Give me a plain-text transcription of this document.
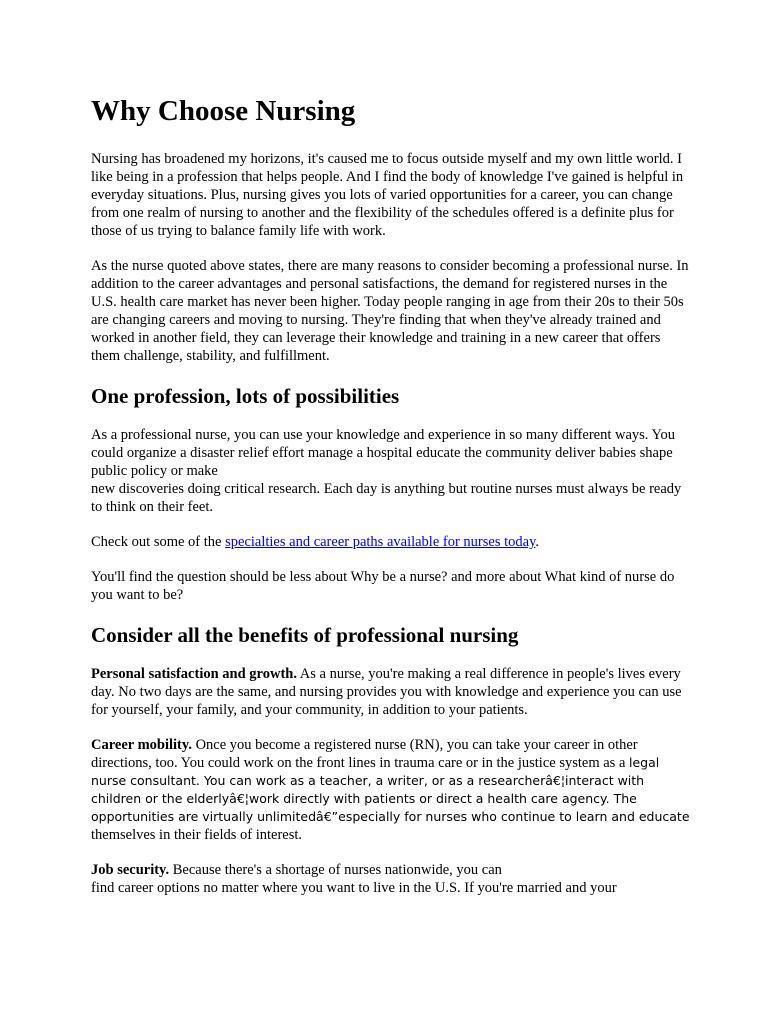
Why Choose Nursing

Nursing has broadened my horizons, it's caused me to focus outside myself and my own little world. I like being in a profession that helps people. And I find the body of knowledge I've gained is helpful in everyday situations. Plus, nursing gives you lots of varied opportunities for a career, you can change from one realm of nursing to another and the flexibility of the schedules offered is a definite plus for those of us trying to balance family life with work.

As the nurse quoted above states, there are many reasons to consider becoming a professional nurse. In addition to the career advantages and personal satisfactions, the demand for registered nurses in the U.S. health care market has never been higher. Today people ranging in age from their 20s to their 50s are changing careers and moving to nursing. They're finding that when they've already trained and worked in another field, they can leverage their knowledge and training in a new career that offers them challenge, stability, and fulfillment.

One profession, lots of possibilities

As a professional nurse, you can use your knowledge and experience in so many different ways. You could organize a disaster relief effort manage a hospital educate the community deliver babies shape public policy or make
new discoveries doing critical research. Each day is anything but routine nurses must always be ready to think on their feet.

Check out some of the specialties and career paths available for nurses today.

You'll find the question should be less about Why be a nurse? and more about What kind of nurse do you want to be?

Consider all the benefits of professional nursing

Personal satisfaction and growth. As a nurse, you're making a real difference in people's lives every day. No two days are the same, and nursing provides you with knowledge and experience you can use for yourself, your family, and your community, in addition to your patients.

Career mobility. Once you become a registered nurse (RN), you can take your career in other directions, too. You could work on the front lines in trauma care or in the justice system as a legal nurse consultant. You can work as a teacher, a writer, or as a researcherâ€¦interact with children or the elderlyâ€¦work directly with patients or direct a health care agency. The opportunities are virtually unlimitedâ€”especially for nurses who continue to learn and educate themselves in their fields of interest.

Job security. Because there's a shortage of nurses nationwide, you can
find career options no matter where you want to live in the U.S. If you're married and your
